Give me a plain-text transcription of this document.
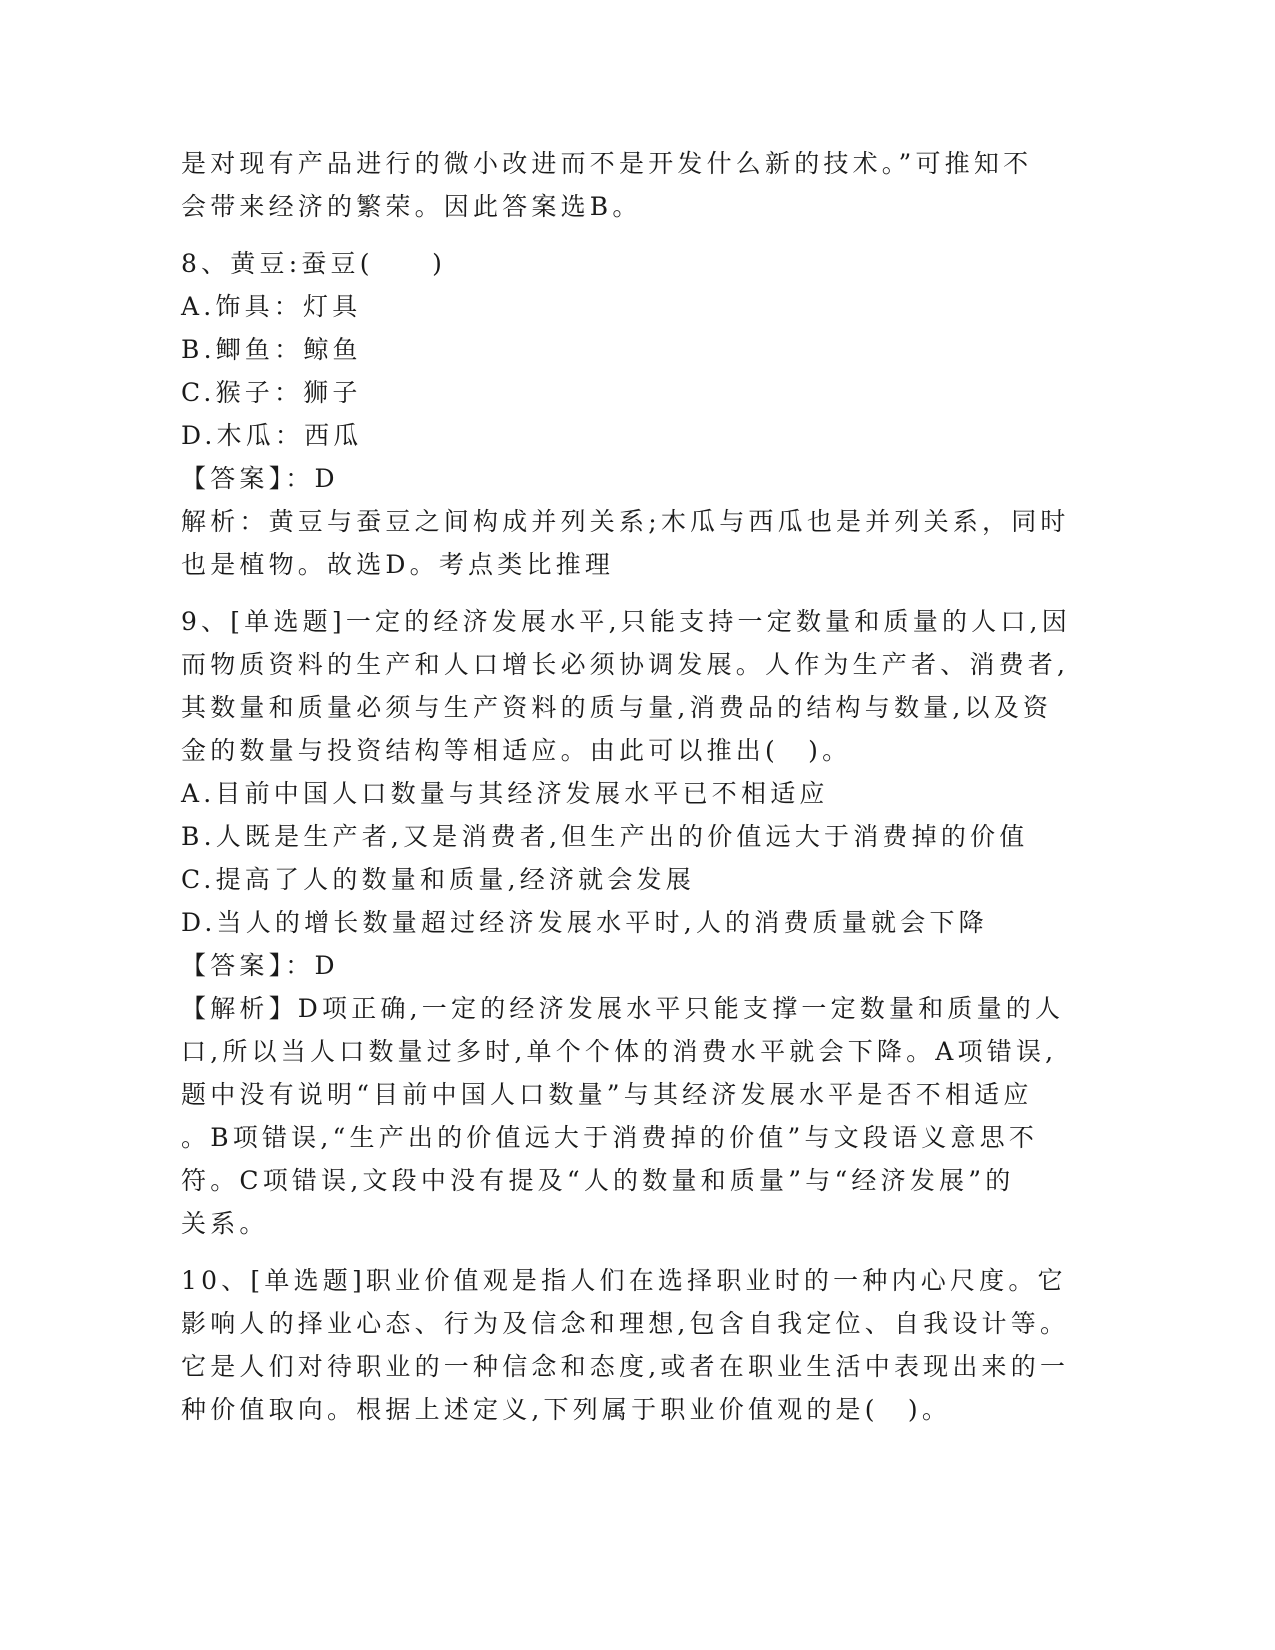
是对现有产品进行的微小改进而不是开发什么新的技术。”可推知不
会带来经济的繁荣。因此答案选B。
8、黄豆:蚕豆(　　)
A.饰具：灯具
B.鲫鱼：鲸鱼
C.猴子：狮子
D.木瓜：西瓜
【答案】：D
解析：黄豆与蚕豆之间构成并列关系;木瓜与西瓜也是并列关系，同时
也是植物。故选D。考点类比推理
9、[单选题]一定的经济发展水平,只能支持一定数量和质量的人口,因
而物质资料的生产和人口增长必须协调发展。人作为生产者、消费者,
其数量和质量必须与生产资料的质与量,消费品的结构与数量,以及资
金的数量与投资结构等相适应。由此可以推出(　)。
A.目前中国人口数量与其经济发展水平已不相适应
B.人既是生产者,又是消费者,但生产出的价值远大于消费掉的价值
C.提高了人的数量和质量,经济就会发展
D.当人的增长数量超过经济发展水平时,人的消费质量就会下降
【答案】：D
【解析】D项正确,一定的经济发展水平只能支撑一定数量和质量的人
口,所以当人口数量过多时,单个个体的消费水平就会下降。A项错误,
题中没有说明“目前中国人口数量”与其经济发展水平是否不相适应
。B项错误,“生产出的价值远大于消费掉的价值”与文段语义意思不
符。C项错误,文段中没有提及“人的数量和质量”与“经济发展”的
关系。
10、[单选题]职业价值观是指人们在选择职业时的一种内心尺度。它
影响人的择业心态、行为及信念和理想,包含自我定位、自我设计等。
它是人们对待职业的一种信念和态度,或者在职业生活中表现出来的一
种价值取向。根据上述定义,下列属于职业价值观的是(　)。
